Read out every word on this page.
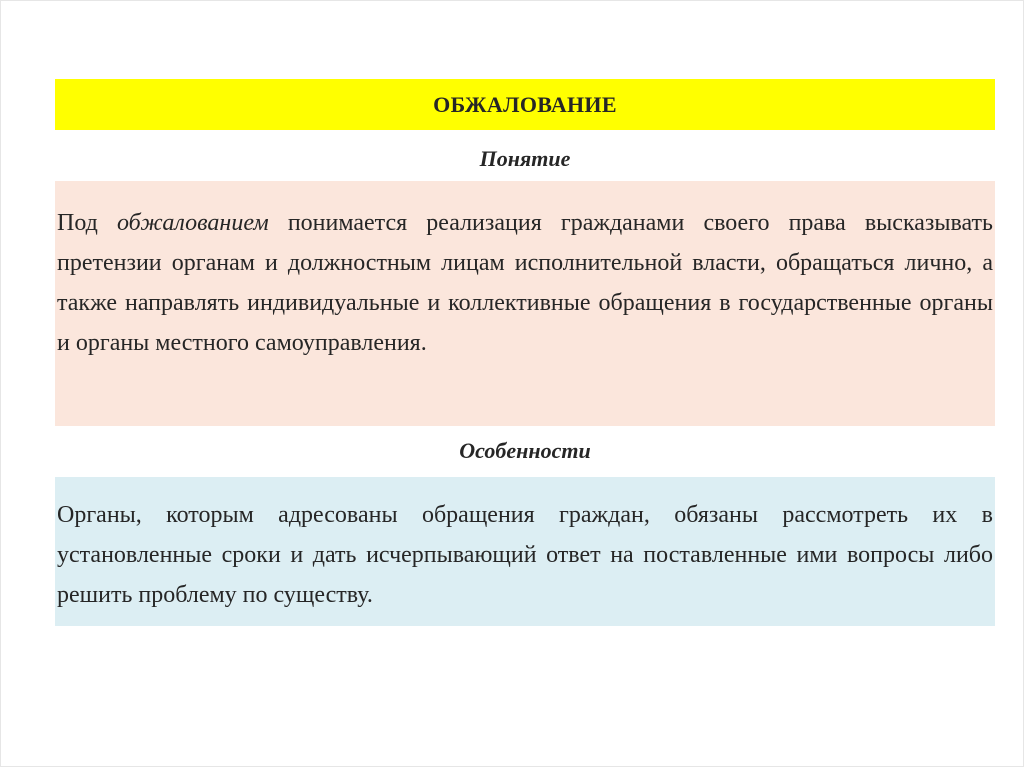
ОБЖАЛОВАНИЕ
Понятие

Под обжалованием понимается реализация гражданами своего права высказывать претензии органам и должностным лицам исполнительной власти, обращаться лично, а также направлять индивидуальные и коллективные обращения в государственные органы и органы местного самоуправления.

Особенности

Органы, которым адресованы обращения граждан, обязаны рассмотреть их в установленные сроки и дать исчерпывающий ответ на поставленные ими вопросы либо решить проблему по существу.
